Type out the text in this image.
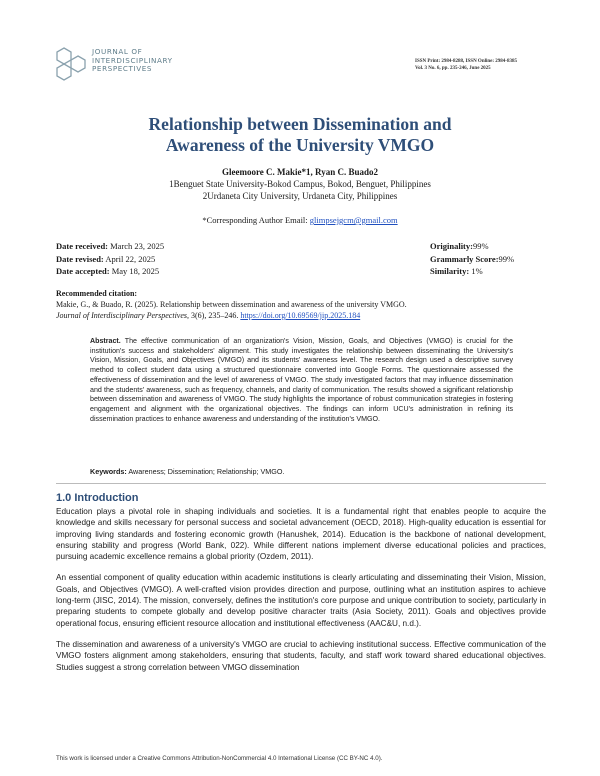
JOURNAL OF
INTERDISCIPLINARY
PERSPECTIVES
ISSN Print: 2984-8288, ISSN Online: 2984-8385
Vol. 3 No. 6, pp. 235-246, June 2025
Relationship between Dissemination and
Awareness of the University VMGO
Gleemoore C. Makie*1, Ryan C. Buado2
1Benguet State University-Bokod Campus, Bokod, Benguet, Philippines
2Urdaneta City University, Urdaneta City, Philippines
*Corresponding Author Email: glimpsejgcm@gmail.com
Date received: March 23, 2025
Date revised: April 22, 2025
Date accepted: May 18, 2025
Originality:99%
Grammarly Score:99%
Similarity: 1%
Recommended citation:
Makie, G., & Buado, R. (2025). Relationship between dissemination and awareness of the university VMGO.
Journal of Interdisciplinary Perspectives, 3(6), 235–246. https://doi.org/10.69569/jip.2025.184
Abstract. The effective communication of an organization's Vision, Mission, Goals, and Objectives (VMGO) is crucial for the institution's success and stakeholders' alignment. This study investigates the relationship between disseminating the University's Vision, Mission, Goals, and Objectives (VMGO) and its students' awareness level. The research design used a descriptive survey method to collect student data using a structured questionnaire converted into Google Forms. The questionnaire assessed the effectiveness of dissemination and the level of awareness of VMGO. The study investigated factors that may influence dissemination and the students' awareness, such as frequency, channels, and clarity of communication. The results showed a significant relationship between dissemination and awareness of VMGO. The study highlights the importance of robust communication strategies in fostering engagement and alignment with the organizational objectives. The findings can inform UCU's administration in refining its dissemination practices to enhance awareness and understanding of the institution's VMGO.
Keywords: Awareness; Dissemination; Relationship; VMGO.
1.0 Introduction

Education plays a pivotal role in shaping individuals and societies. It is a fundamental right that enables people to acquire the knowledge and skills necessary for personal success and societal advancement (OECD, 2018). High-quality education is essential for improving living standards and fostering economic growth (Hanushek, 2014). Education is the backbone of national development, ensuring stability and progress (World Bank, 022). While different nations implement diverse educational policies and practices, pursuing academic excellence remains a global priority (Ozdem, 2011).

An essential component of quality education within academic institutions is clearly articulating and disseminating their Vision, Mission, Goals, and Objectives (VMGO). A well-crafted vision provides direction and purpose, outlining what an institution aspires to achieve long-term (JISC, 2014). The mission, conversely, defines the institution's core purpose and unique contribution to society, particularly in preparing students to compete globally and develop positive character traits (Asia Society, 2011). Goals and objectives provide operational focus, ensuring efficient resource allocation and institutional effectiveness (AAC&U, n.d.).

The dissemination and awareness of a university's VMGO are crucial to achieving institutional success. Effective communication of the VMGO fosters alignment among stakeholders, ensuring that students, faculty, and staff work toward shared educational objectives. Studies suggest a strong correlation between VMGO dissemination

This work is licensed under a Creative Commons Attribution-NonCommercial 4.0 International License (CC BY-NC 4.0).
